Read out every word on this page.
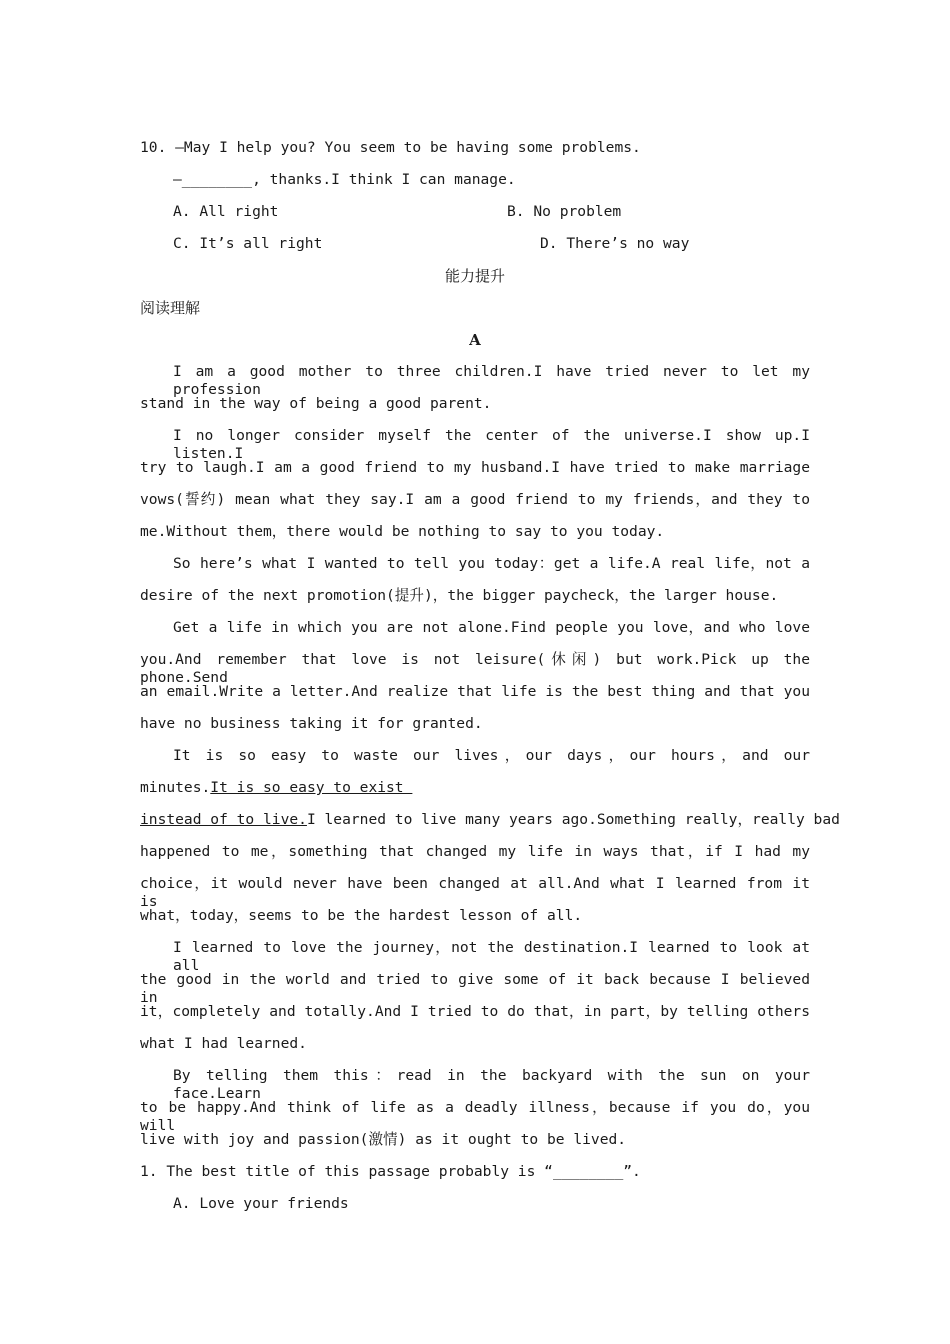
10. —May I help you? You seem to be having some problems.
—________, thanks.I think I can manage.
A. All right	B. No problem
C. It’s all right	D. There’s no way
能力提升
阅读理解
A
I am a good mother to three children.I have tried never to let my profession
stand in the way of being a good parent.
I no longer consider myself the center of the universe.I show up.I listen.I
try to laugh.I am a good friend to my husband.I have tried to make marriage
vows(誓约) mean what they say.I am a good friend to my friends，and they to
me.Without them，there would be nothing to say to you today.
So here’s what I wanted to tell you today：get a life.A real life，not a
desire of the next promotion(提升)，the bigger paycheck，the larger house.
Get a life in which you are not alone.Find people you love，and who love
you.And remember that love is not leisure(休闲) but work.Pick up the phone.Send
an email.Write a letter.And realize that life is the best thing and that you
have no business taking it for granted.
It is so easy to waste our lives，our days，our hours，and our
minutes.It is so easy to exist
instead of to live.I learned to live many years ago.Something really，really bad
happened to me，something that changed my life in ways that，if I had my
choice，it would never have been changed at all.And what I learned from it is
what，today，seems to be the hardest lesson of all.
I learned to love the journey，not the destination.I learned to look at all
the good in the world and tried to give some of it back because I believed in
it，completely and totally.And I tried to do that，in part，by telling others
what I had learned.
By telling them this：read in the backyard with the sun on your face.Learn
to be happy.And think of life as a deadly illness，because if you do，you will
live with joy and passion(激情) as it ought to be lived.
1. The best title of this passage probably is “________”.
A. Love your friends
